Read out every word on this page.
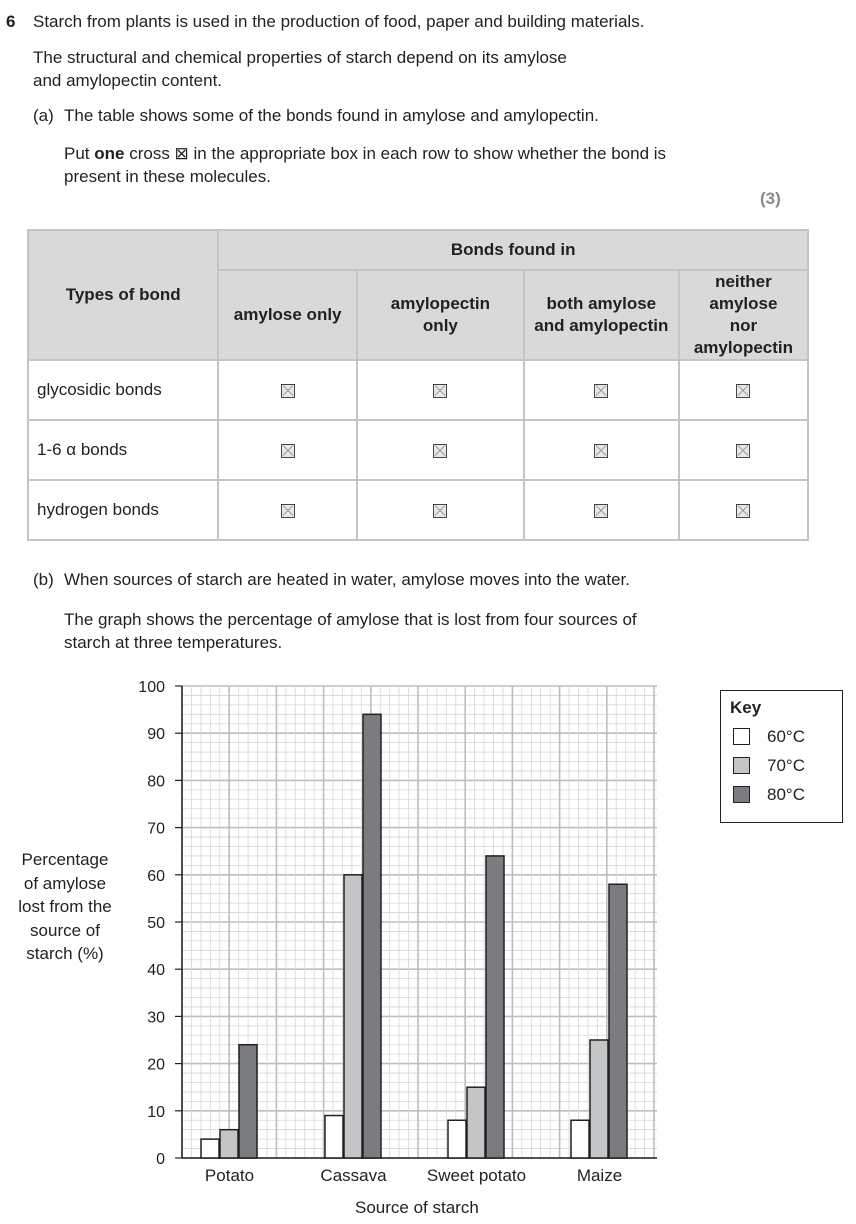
6 Starch from plants is used in the production of food, paper and building materials.
The structural and chemical properties of starch depend on its amylose
and amylopectin content.
(a) The table shows some of the bonds found in amylose and amylopectin.
Put one cross ⊠ in the appropriate box in each row to show whether the bond is
present in these molecules.
(3)
Types of bond	Bonds found in			
	amylose only	amylopectin only	both amylose and amylopectin	neither amylose nor amylopectin
glycosidic bonds				
1-6 α bonds				
hydrogen bonds				
(b) When sources of starch are heated in water, amylose moves into the water.
The graph shows the percentage of amylose that is lost from four sources of
starch at three temperatures.
Percentage
of amylose
lost from the
source of
starch (%)
0
10
20
30
40
50
60
70
80
90
100
Potato	Cassava Sweet potato	Maize
Source of starch
Key
60°C
70°C
80°C
